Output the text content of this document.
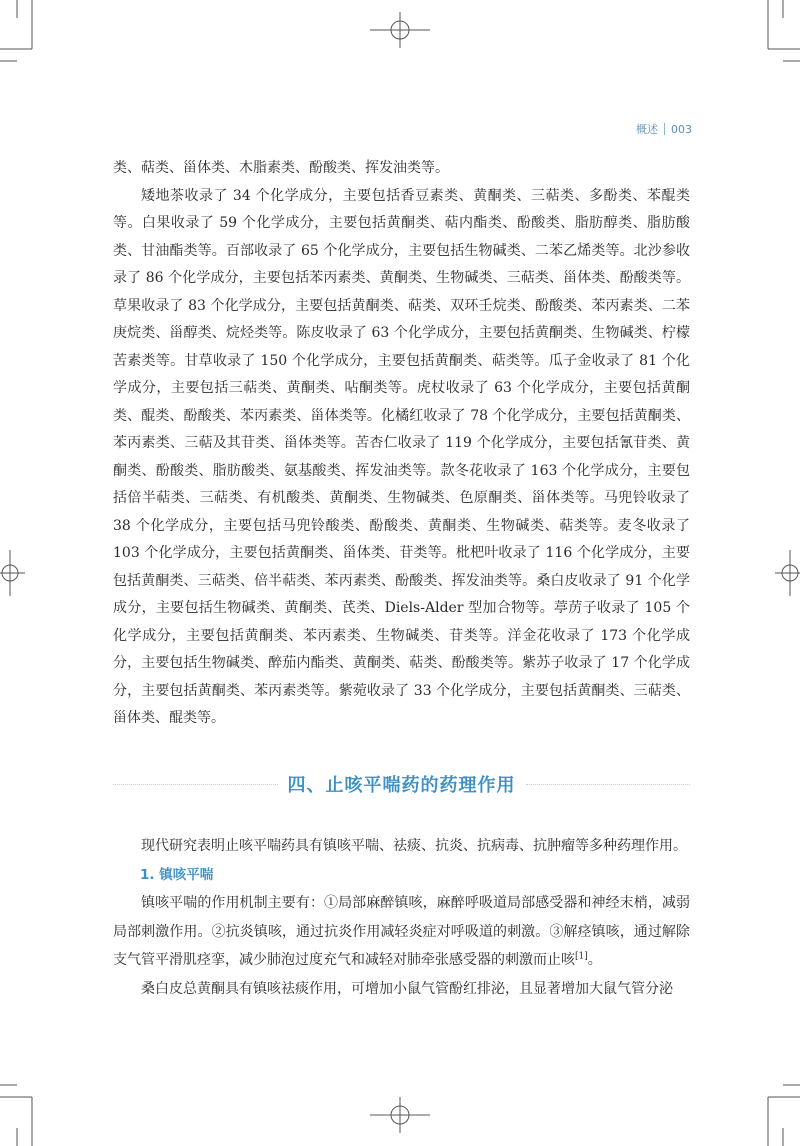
概述 003

类、萜类、甾体类、木脂素类、酚酸类、挥发油类等。

矮地茶收录了 34 个化学成分，主要包括香豆素类、黄酮类、三萜类、多酚类、苯醌类等。白果收录了 59 个化学成分，主要包括黄酮类、萜内酯类、酚酸类、脂肪醇类、脂肪酸类、甘油酯类等。百部收录了 65 个化学成分，主要包括生物碱类、二苯乙烯类等。北沙参收录了 86 个化学成分，主要包括苯丙素类、黄酮类、生物碱类、三萜类、甾体类、酚酸类等。草果收录了 83 个化学成分，主要包括黄酮类、萜类、双环壬烷类、酚酸类、苯丙素类、二苯庚烷类、甾醇类、烷烃类等。陈皮收录了 63 个化学成分，主要包括黄酮类、生物碱类、柠檬苦素类等。甘草收录了 150 个化学成分，主要包括黄酮类、萜类等。瓜子金收录了 81 个化学成分，主要包括三萜类、黄酮类、呫酮类等。虎杖收录了 63 个化学成分，主要包括黄酮类、醌类、酚酸类、苯丙素类、甾体类等。化橘红收录了 78 个化学成分，主要包括黄酮类、苯丙素类、三萜及其苷类、甾体类等。苦杏仁收录了 119 个化学成分，主要包括氰苷类、黄酮类、酚酸类、脂肪酸类、氨基酸类、挥发油类等。款冬花收录了 163 个化学成分，主要包括倍半萜类、三萜类、有机酸类、黄酮类、生物碱类、色原酮类、甾体类等。马兜铃收录了 38 个化学成分，主要包括马兜铃酸类、酚酸类、黄酮类、生物碱类、萜类等。麦冬收录了 103 个化学成分，主要包括黄酮类、甾体类、苷类等。枇杷叶收录了 116 个化学成分，主要包括黄酮类、三萜类、倍半萜类、苯丙素类、酚酸类、挥发油类等。桑白皮收录了 91 个化学成分，主要包括生物碱类、黄酮类、芪类、Diels-Alder 型加合物等。葶苈子收录了 105 个化学成分，主要包括黄酮类、苯丙素类、生物碱类、苷类等。洋金花收录了 173 个化学成分，主要包括生物碱类、醉茄内酯类、黄酮类、萜类、酚酸类等。紫苏子收录了 17 个化学成分，主要包括黄酮类、苯丙素类等。紫菀收录了 33 个化学成分，主要包括黄酮类、三萜类、甾体类、醌类等。

四、止咳平喘药的药理作用

现代研究表明止咳平喘药具有镇咳平喘、祛痰、抗炎、抗病毒、抗肿瘤等多种药理作用。

1. 镇咳平喘

镇咳平喘的作用机制主要有：①局部麻醉镇咳，麻醉呼吸道局部感受器和神经末梢，减弱局部刺激作用。②抗炎镇咳，通过抗炎作用减轻炎症对呼吸道的刺激。③解痉镇咳，通过解除支气管平滑肌痉挛，减少肺泡过度充气和减轻对肺牵张感受器的刺激而止咳[1]。

桑白皮总黄酮具有镇咳祛痰作用，可增加小鼠气管酚红排泌，且显著增加大鼠气管分泌
